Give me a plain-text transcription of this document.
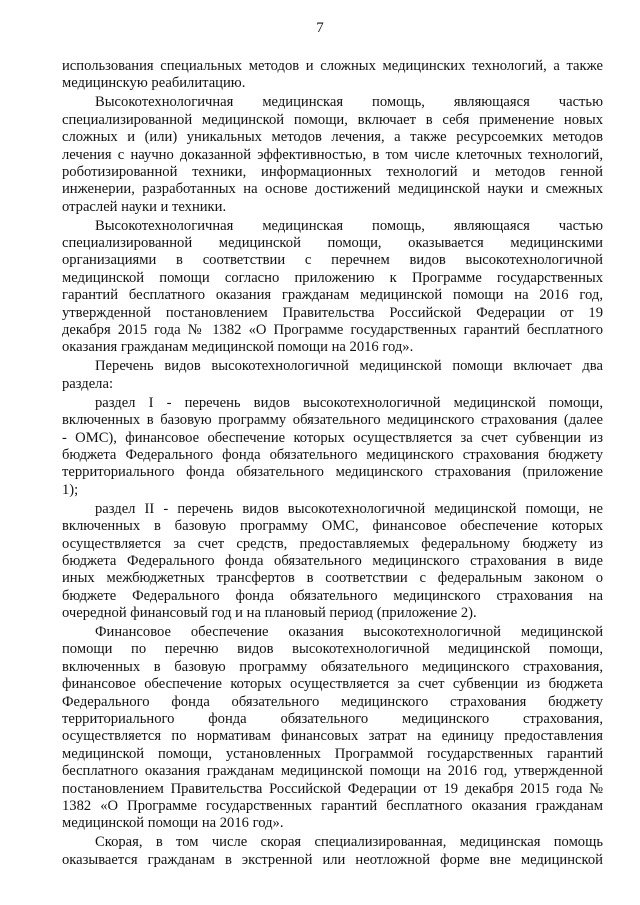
7
использования специальных методов и сложных медицинских технологий, а также
медицинскую реабилитацию.
Высокотехнологичная медицинская помощь, являющаяся частью
специализированной медицинской помощи, включает в себя применение новых
сложных и (или) уникальных методов лечения, а также ресурсоемких методов
лечения с научно доказанной эффективностью, в том числе клеточных технологий,
роботизированной техники, информационных технологий и методов генной
инженерии, разработанных на основе достижений медицинской науки и смежных
отраслей науки и техники.
Высокотехнологичная медицинская помощь, являющаяся частью
специализированной медицинской помощи, оказывается медицинскими
организациями в соответствии с перечнем видов высокотехнологичной
медицинской помощи согласно приложению к Программе государственных
гарантий бесплатного оказания гражданам медицинской помощи на 2016 год,
утвержденной постановлением Правительства Российской Федерации от 19
декабря 2015 года № 1382 «О Программе государственных гарантий бесплатного
оказания гражданам медицинской помощи на 2016 год».
Перечень видов высокотехнологичной медицинской помощи включает два
раздела:
раздел I - перечень видов высокотехнологичной медицинской помощи,
включенных в базовую программу обязательного медицинского страхования (далее
- ОМС), финансовое обеспечение которых осуществляется за счет субвенции из
бюджета Федерального фонда обязательного медицинского страхования бюджету
территориального фонда обязательного медицинского страхования (приложение
1);
раздел II - перечень видов высокотехнологичной медицинской помощи, не
включенных в базовую программу ОМС, финансовое обеспечение которых
осуществляется за счет средств, предоставляемых федеральному бюджету из
бюджета Федерального фонда обязательного медицинского страхования в виде
иных межбюджетных трансфертов в соответствии с федеральным законом о
бюджете Федерального фонда обязательного медицинского страхования на
очередной финансовый год и на плановый период (приложение 2).
Финансовое обеспечение оказания высокотехнологичной медицинской
помощи по перечню видов высокотехнологичной медицинской помощи,
включенных в базовую программу обязательного медицинского страхования,
финансовое обеспечение которых осуществляется за счет субвенции из бюджета
Федерального фонда обязательного медицинского страхования бюджету
территориального фонда обязательного медицинского страхования,
осуществляется по нормативам финансовых затрат на единицу предоставления
медицинской помощи, установленных Программой государственных гарантий
бесплатного оказания гражданам медицинской помощи на 2016 год, утвержденной
постановлением Правительства Российской Федерации от 19 декабря 2015 года №
1382 «О Программе государственных гарантий бесплатного оказания гражданам
медицинской помощи на 2016 год».
Скорая, в том числе скорая специализированная, медицинская помощь
оказывается гражданам в экстренной или неотложной форме вне медицинской
